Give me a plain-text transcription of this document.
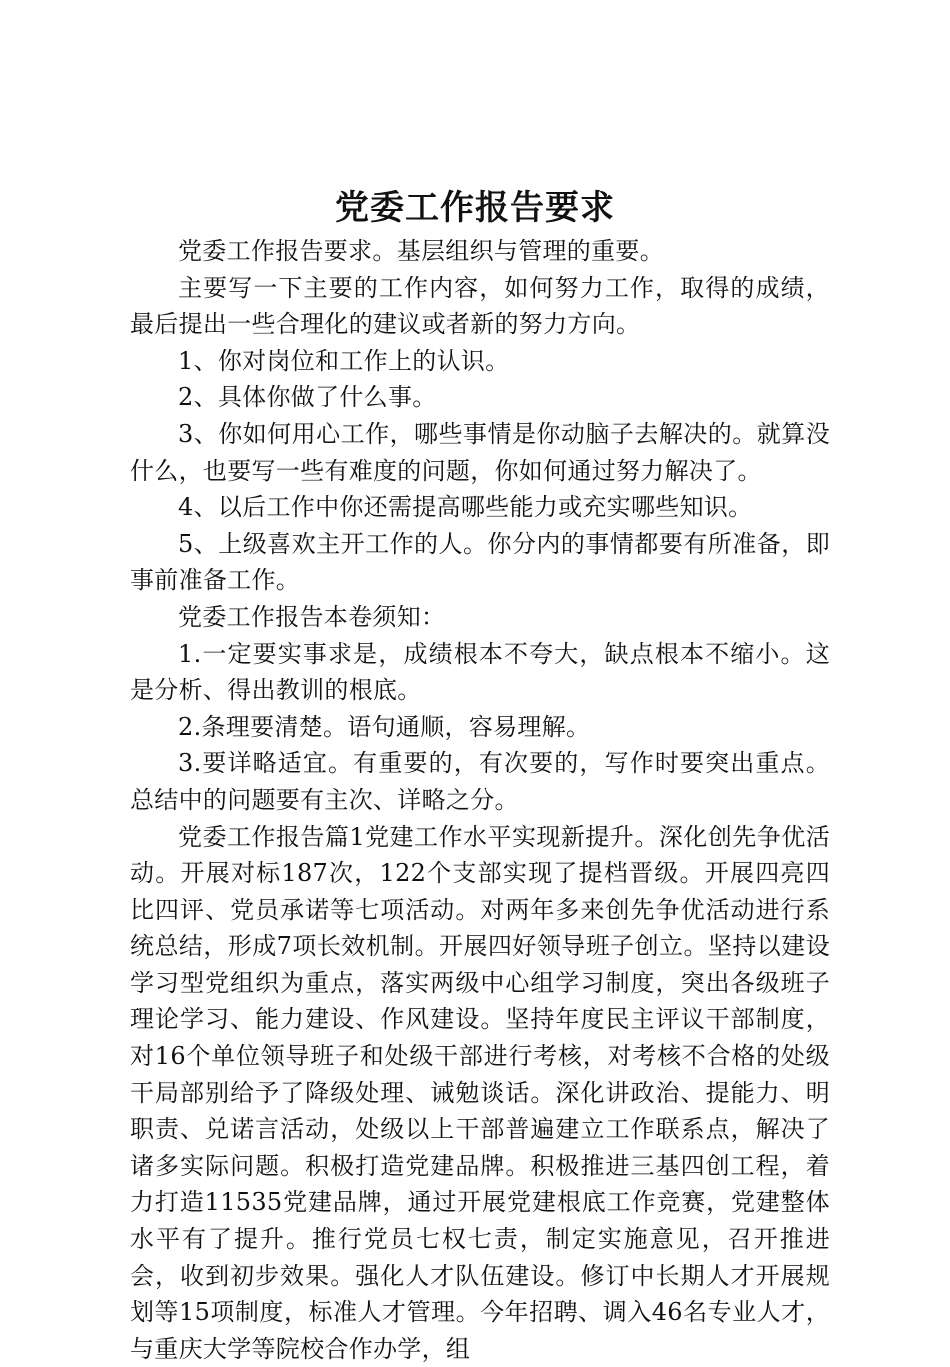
党委工作报告要求

党委工作报告要求。基层组织与管理的重要。

主要写一下主要的工作内容，如何努力工作，取得的成绩，最后提出一些合理化的建议或者新的努力方向。

1、你对岗位和工作上的认识。

2、具体你做了什么事。

3、你如何用心工作，哪些事情是你动脑子去解决的。就算没什么，也要写一些有难度的问题，你如何通过努力解决了。

4、以后工作中你还需提高哪些能力或充实哪些知识。

5、上级喜欢主开工作的人。你分内的事情都要有所准备，即事前准备工作。

党委工作报告本卷须知：

1.一定要实事求是，成绩根本不夸大，缺点根本不缩小。这是分析、得出教训的根底。

2.条理要清楚。语句通顺，容易理解。

3.要详略适宜。有重要的，有次要的，写作时要突出重点。总结中的问题要有主次、详略之分。

党委工作报告篇1党建工作水平实现新提升。深化创先争优活动。开展对标187次，122个支部实现了提档晋级。开展四亮四比四评、党员承诺等七项活动。对两年多来创先争优活动进行系统总结，形成7项长效机制。开展四好领导班子创立。坚持以建设学习型党组织为重点，落实两级中心组学习制度，突出各级班子理论学习、能力建设、作风建设。坚持年度民主评议干部制度，对16个单位领导班子和处级干部进行考核，对考核不合格的处级干局部别给予了降级处理、诫勉谈话。深化讲政治、提能力、明职责、兑诺言活动，处级以上干部普遍建立工作联系点，解决了诸多实际问题。积极打造党建品牌。积极推进三基四创工程，着力打造11535党建品牌，通过开展党建根底工作竞赛，党建整体水平有了提升。推行党员七权七责，制定实施意见，召开推进会，收到初步效果。强化人才队伍建设。修订中长期人才开展规划等15项制度，标准人才管理。今年招聘、调入46名专业人才，与重庆大学等院校合作办学，组
